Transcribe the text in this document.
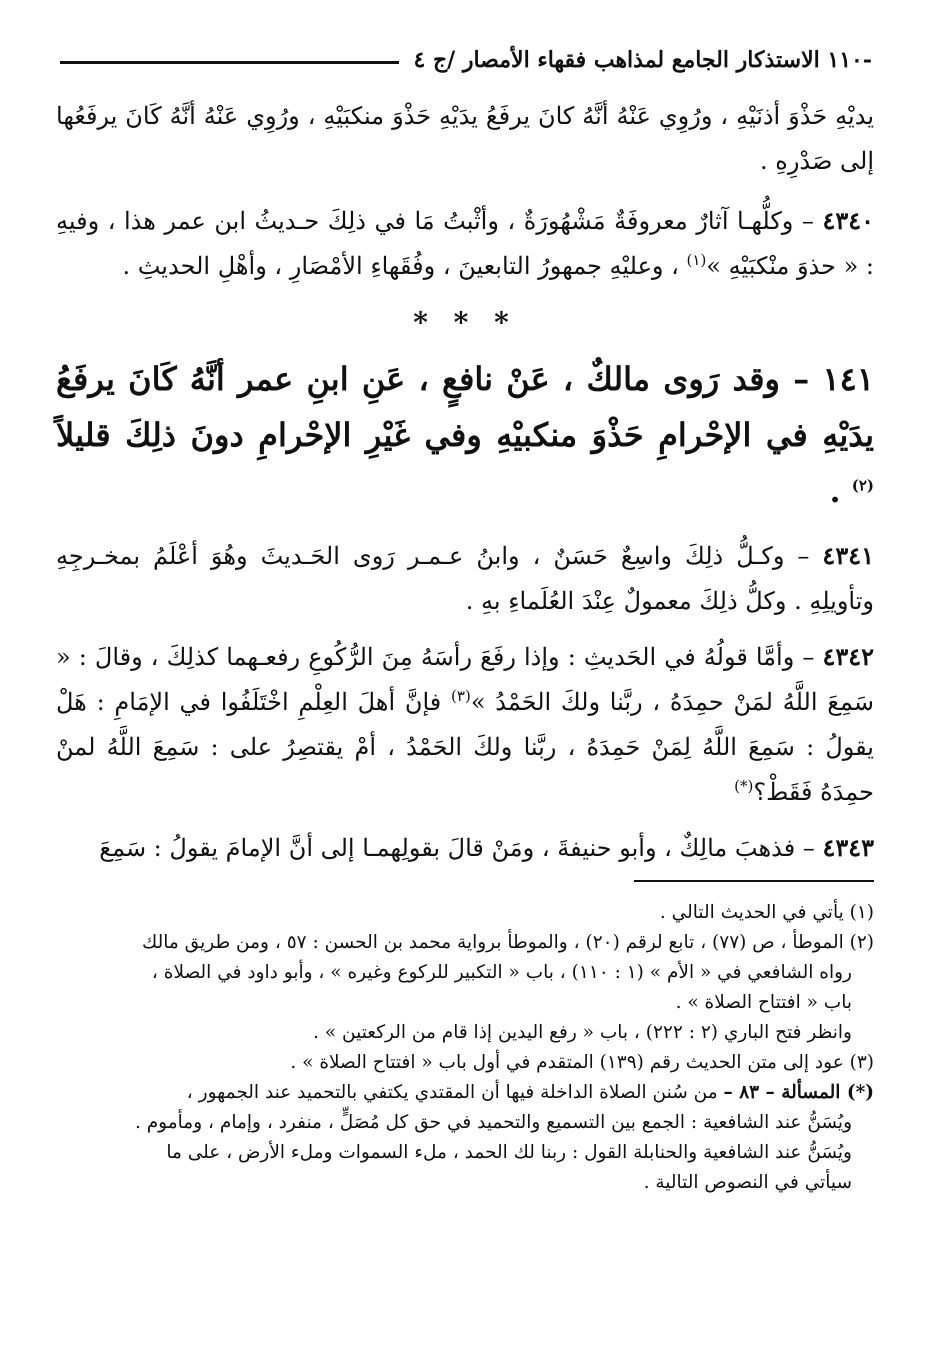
-١١٠ الاستذكار الجامع لمذاهب فقهاء الأمصار /ج ٤

يديْهِ حَذْوَ أذنَيْهِ ، ورُوِي عَنْهُ أنَّهُ كانَ يرفَعُ يدَيْهِ حَذْوَ منكبَيْهِ ، ورُوِي عَنْهُ أنَّهُ كَانَ يرفَعُها إلى صَدْرِهِ .

٤٣٤٠ – وكلُّهـا آثارٌ معروفَةٌ مَشْهُورَةٌ ، وأثْبتُ مَا في ذلِكَ حـديثُ ابن عمر هذا ، وفيهِ : « حذوَ منْكبَيْهِ »$^{(١)}$ ، وعليْهِ جمهورُ التابعينَ ، وفُقَهاءِ الأمْصَارِ ، وأهْلِ الحديثِ .

* * *

١٤١ – وقد رَوى مالكٌ ، عَنْ نافعٍ ، عَنِ ابنِ عمر أنَّهُ كَانَ يرفَعُ يدَيْهِ في الإحْرامِ حَذْوَ منكبيْهِ وفي غَيْرِ الإحْرامِ دونَ ذلِكَ قليلاً $^{(٢)}$ .

٤٣٤١ – وكـلُّ ذلِكَ واسِعٌ حَسَنٌ ، وابنُ عـمـر رَوى الحَـديثَ وهُوَ أعْلَمُ بمخـرجِهِ وتأويلِهِ . وكلُّ ذلِكَ معمولٌ عِنْدَ العُلَماءِ بهِ .

٤٣٤٢ – وأمَّا قولُهُ في الحَديثِ : وإذا رفَعَ رأسَهُ مِنَ الرُّكُوعِ رفعـهما كذلِكَ ، وقالَ : « سَمِعَ اللَّهُ لمَنْ حمِدَهُ ، ربَّنا ولكَ الحَمْدُ »$^{(٣)}$ فإنَّ أهلَ العِلْمِ اخْتَلَفُوا في الإمَامِ : هَلْ يقولُ : سَمِعَ اللَّهُ لِمَنْ حَمِدَهُ ، ربَّنا ولكَ الحَمْدُ ، أمْ يقتصِرُ على : سَمِعَ اللَّهُ لمنْ حمِدَهُ فَقَطْ؟(*)

٤٣٤٣ – فذهبَ مالِكٌ ، وأبو حنيفةَ ، ومَنْ قالَ بقولِهمـا إلى أنَّ الإمامَ يقولُ : سَمِعَ

(١) يأتي في الحديث التالي .

(٢) الموطأ ، ص (٧٧) ، تابع لرقم (٢٠) ، والموطأ برواية محمد بن الحسن : ٥٧ ، ومن طريق مالك

رواه الشافعي في « الأم » (١ : ١١٠) ، باب « التكبير للركوع وغيره » ، وأبو داود في الصلاة ،

باب « افتتاح الصلاة » .

وانظر فتح الباري (٢ : ٢٢٢) ، باب « رفع اليدين إذا قام من الركعتين » .

(٣) عود إلى متن الحديث رقم (١٣٩) المتقدم في أول باب « افتتاح الصلاة » .

(*) المسألة – ٨٣ – من سُنن الصلاة الداخلة فيها أن المقتدي يكتفي بالتحميد عند الجمهور ،

ويُسَنُّ عند الشافعية : الجمع بين التسميع والتحميد في حق كل مُصَلٍّ ، منفرد ، وإمام ، ومأموم .

ويُسَنُّ عند الشافعية والحنابلة القول : ربنا لك الحمد ، ملء السموات وملء الأرض ، على ما

سيأتي في النصوص التالية .
